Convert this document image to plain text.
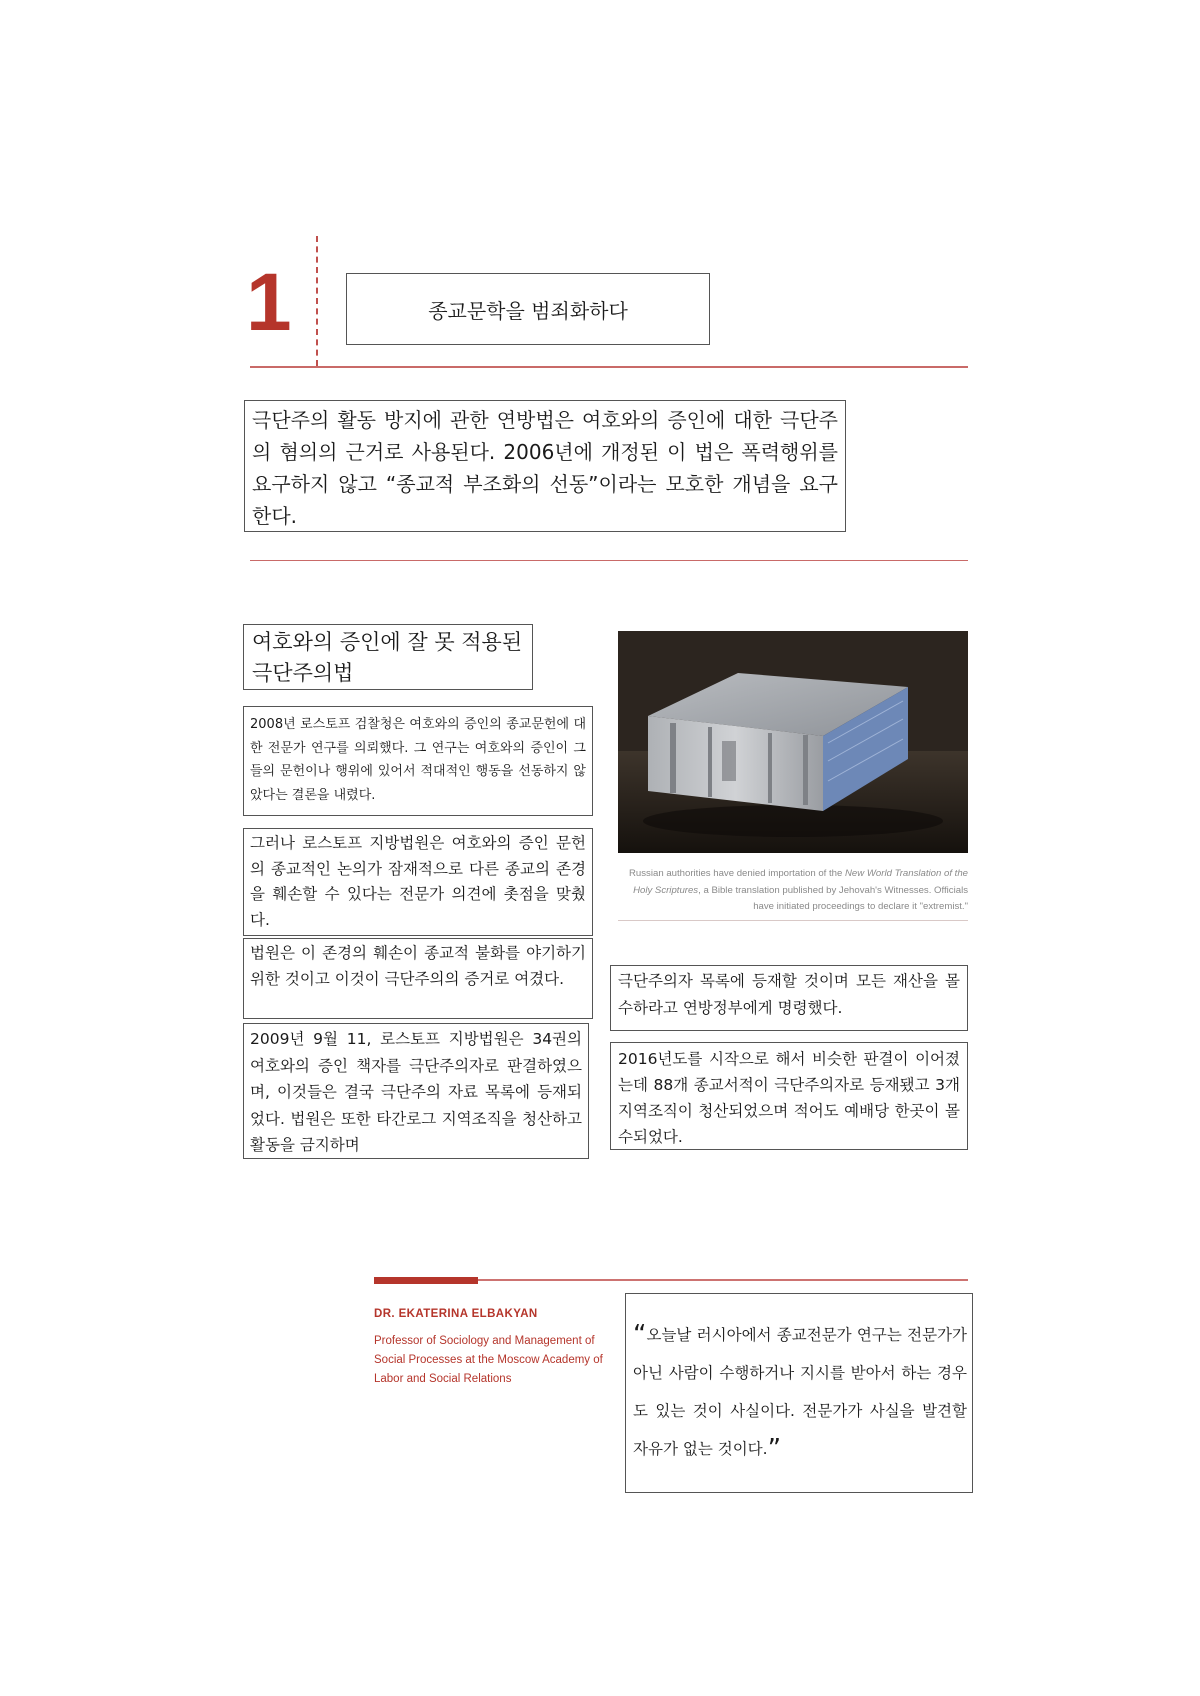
1	종교문학을 범죄화하다
극단주의 활동 방지에 관한 연방법은 여호와의 증인에 대한 극단주의 혐의의 근거로 사용된다. 2006년에 개정된 이 법은 폭력행위를 요구하지 않고 “종교적 부조화의 선동”이라는 모호한 개념을 요구한다.
여호와의 증인에 잘 못 적용된 극단주의법
2008년 로스토프 검찰청은 여호와의 증인의 종교문헌에 대한 전문가 연구를 의뢰했다. 그 연구는 여호와의 증인이 그들의 문헌이나 행위에 있어서 적대적인 행동을 선동하지 않았다는 결론을 내렸다.
그러나 로스토프 지방법원은 여호와의 증인 문헌의 종교적인 논의가 잠재적으로 다른 종교의 존경을 훼손할 수 있다는 전문가 의견에 촛점을 맞췄다.
법원은 이 존경의 훼손이 종교적 불화를 야기하기 위한 것이고 이것이 극단주의의 증거로 여겼다.
2009년 9월 11, 로스토프 지방법원은 34권의 여호와의 증인 책자를 극단주의자로 판결하였으며, 이것들은 결국 극단주의 자료 목록에 등재되었다. 법원은 또한 타간로그 지역조직을 청산하고 활동을 금지하며
Russian authorities have denied importation of the New World Translation of the Holy Scriptures, a Bible translation published by Jehovah's Witnesses. Officials have initiated proceedings to declare it "extremist."
극단주의자 목록에 등재할 것이며 모든 재산을 몰수하라고 연방정부에게 명령했다.
2016년도를 시작으로 해서 비슷한 판결이 이어졌는데 88개 종교서적이 극단주의자로 등재됐고 3개 지역조직이 청산되었으며 적어도 예배당 한곳이 몰수되었다.
DR. EKATERINA ELBAKYAN
Professor of Sociology and Management of Social Processes at the Moscow Academy of Labor and Social Relations
“오늘날 러시아에서 종교전문가 연구는 전문가가 아닌 사람이 수행하거나 지시를 받아서 하는 경우도 있는 것이 사실이다. 전문가가 사실을 발견할 자유가 없는 것이다.”
